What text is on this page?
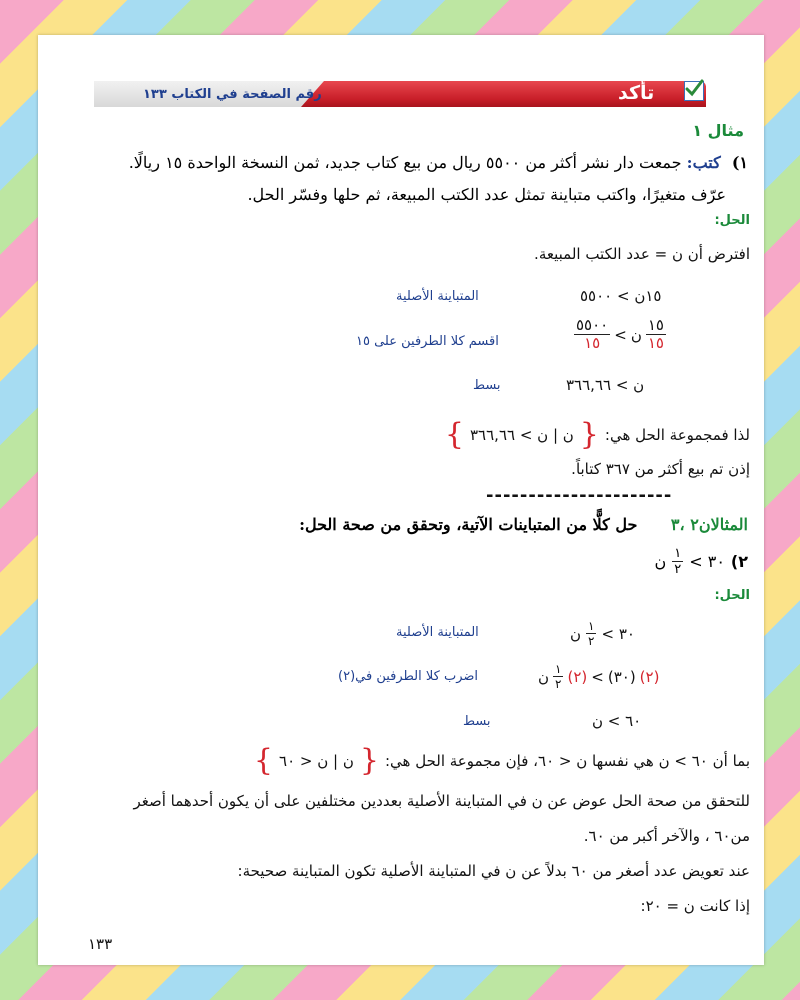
تأكد
رقم الصفحة في الكتاب ١٣٣
مثال ١
١) كتب: جمعت دار نشر أكثر من ٥٥٠٠ ريال من بيع كتاب جديد، ثمن النسخة الواحدة ١٥ ريالًا.
عرّف متغيرًا، واكتب متباينة تمثل عدد الكتب المبيعة، ثم حلها وفسّر الحل.
الحل:
افترض أن ن = عدد الكتب المبيعة.
١٥ن > ٥٥٠٠
المتباينة الأصلية
$\frac{١٥}{١٥}$
ن
>
$\frac{٥٥٠٠}{١٥}$
اقسم كلا الطرفين على ١٥
ن > ٣٦٦,٦٦
بسط
لذا فمجموعة الحل هي:
{
ن | ن > ٣٦٦,٦٦
}
إذن تم بيع أكثر من ٣٦٧ كتاباً.
----------------------
المثالان٢ ،٣ حل كلًّا من المتباينات الآتية، وتحقق من صحة الحل:
٢)
٣٠ >
$\frac{١}{٢}$
ن
الحل:
٣٠ >
$\frac{١}{٢}$
ن
المتباينة الأصلية
(٢)
(٣٠)
>
(٢)
$\frac{١}{٢}$
ن
اضرب كلا الطرفين في(٢)
٦٠ > ن
بسط
بما أن ٦٠ > ن هي نفسها ن < ٦٠، فإن مجموعة الحل هي:
{
ن | ن < ٦٠
}
للتحقق من صحة الحل عوض عن ن في المتباينة الأصلية بعددين مختلفين على أن يكون أحدهما أصغر
من٦٠ ، والآخر أكبر من ٦٠.
عند تعويض عدد أصغر من ٦٠ بدلاً عن ن في المتباينة الأصلية تكون المتباينة صحيحة:
إذا كانت ن = ٢٠:
١٣٣
